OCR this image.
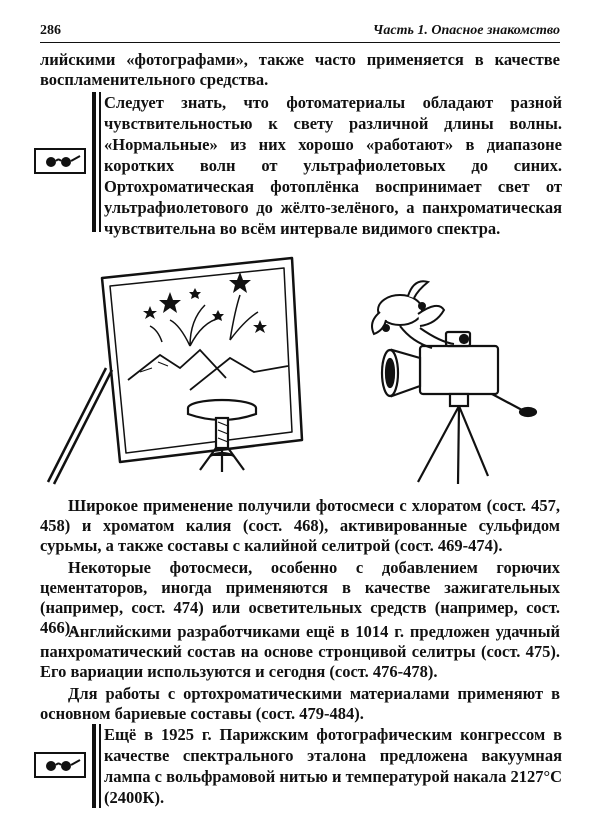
286	Часть 1. Опасное знакомство

лийскими «фотографами», также часто применяется в качестве воспламенительного средства.

Следует знать, что фотоматериалы обладают разной чувствительностью к свету различной длины волны. «Нормальные» из них хорошо «работают» в диапазоне коротких волн от ультрафиолетовых до синих. Ортохроматическая фотоплёнка воспринимает свет от ультрафиолетового до жёлто-зелёного, а панхроматическая чувствительна во всём интервале видимого спектра.

Широкое применение получили фотосмеси с хлоратом (сост. 457, 458) и хроматом калия (сост. 468), активированные сульфидом сурьмы, а также составы с калийной селитрой (сост. 469-474).

Некоторые фотосмеси, особенно с добавлением горючих цементаторов, иногда применяются в качестве зажигательных (например, сост. 474) или осветительных средств (например, сост. 466).

Английскими разработчиками ещё в 1014 г. предложен удачный панхроматический состав на основе стронцивой селитры (сост. 475). Его вариации используются и сегодня (сост. 476-478).

Для работы с ортохроматическими материалами применяют в основном бариевые составы (сост. 479-484).

Ещё в 1925 г. Парижским фотографическим конгрессом в качестве спектрального эталона предложена вакуумная лампа с вольфрамовой нитью и температурой накала 2127°С (2400К).
